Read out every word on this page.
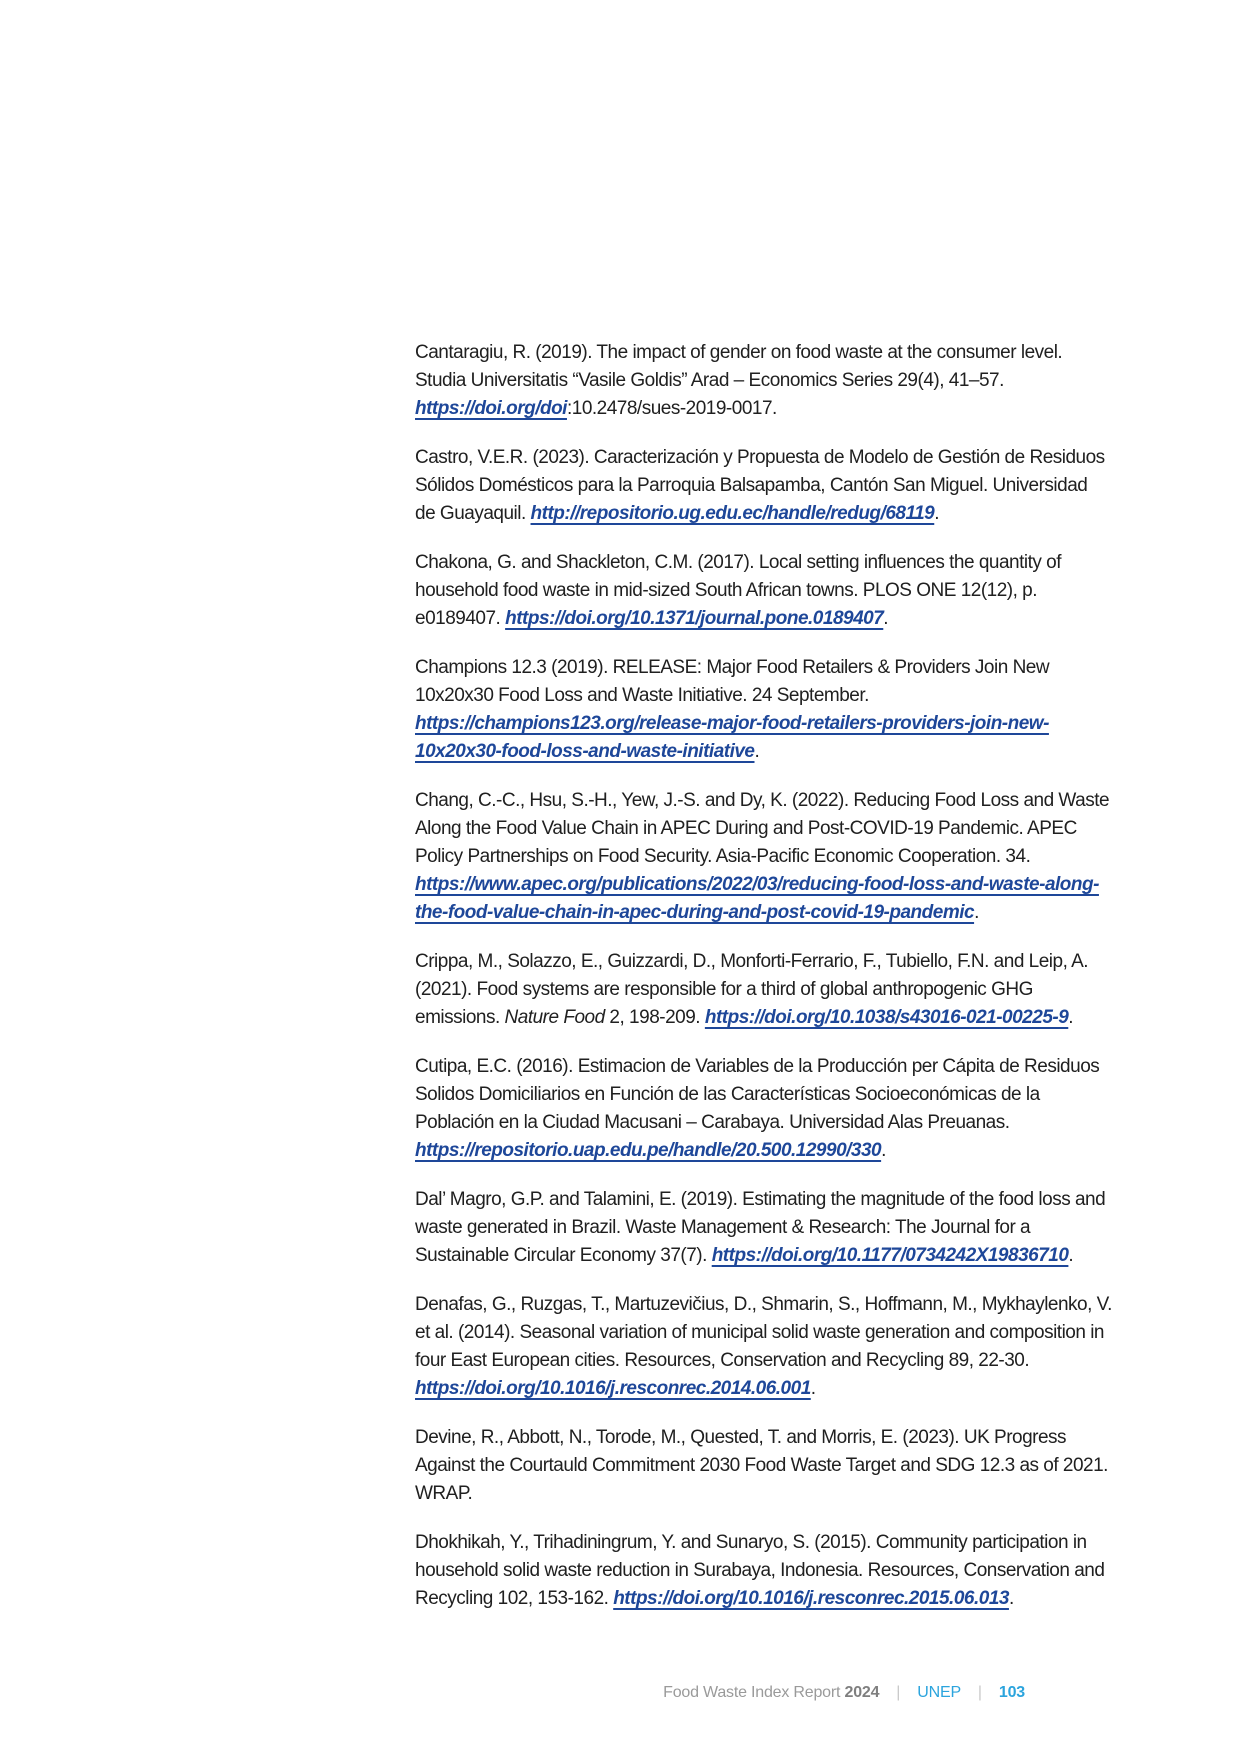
Cantaragiu, R. (2019). The impact of gender on food waste at the consumer level. Studia Universitatis “Vasile Goldis” Arad – Economics Series 29(4), 41–57. https://doi.org/doi:10.2478/sues-2019-0017.

Castro, V.E.R. (2023). Caracterización y Propuesta de Modelo de Gestión de Residuos Sólidos Domésticos para la Parroquia Balsapamba, Cantón San Miguel. Universidad de Guayaquil. http://repositorio.ug.edu.ec/handle/redug/68119.

Chakona, G. and Shackleton, C.M. (2017). Local setting influences the quantity of household food waste in mid-sized South African towns. PLOS ONE 12(12), p. e0189407. https://doi.org/10.1371/journal.pone.0189407.

Champions 12.3 (2019). RELEASE: Major Food Retailers & Providers Join New 10x20x30 Food Loss and Waste Initiative. 24 September. https://champions123.org/release-major-food-retailers-providers-join-new-10x20x30-food-loss-and-waste-initiative.

Chang, C.-C., Hsu, S.-H., Yew, J.-S. and Dy, K. (2022). Reducing Food Loss and Waste Along the Food Value Chain in APEC During and Post-COVID-19 Pandemic. APEC Policy Partnerships on Food Security. Asia-Pacific Economic Cooperation. 34. https://www.apec.org/publications/2022/03/reducing-food-loss-and-waste-along-the-food-value-chain-in-apec-during-and-post-covid-19-pandemic.

Crippa, M., Solazzo, E., Guizzardi, D., Monforti-Ferrario, F., Tubiello, F.N. and Leip, A. (2021). Food systems are responsible for a third of global anthropogenic GHG emissions. Nature Food 2, 198-209. https://doi.org/10.1038/s43016-021-00225-9.

Cutipa, E.C. (2016). Estimacion de Variables de la Producción per Cápita de Residuos Solidos Domiciliarios en Función de las Características Socioeconómicas de la Población en la Ciudad Macusani – Carabaya. Universidad Alas Preuanas. https://repositorio.uap.edu.pe/handle/20.500.12990/330.

Dal’ Magro, G.P. and Talamini, E. (2019). Estimating the magnitude of the food loss and waste generated in Brazil. Waste Management & Research: The Journal for a Sustainable Circular Economy 37(7). https://doi.org/10.1177/0734242X19836710.

Denafas, G., Ruzgas, T., Martuzevičius, D., Shmarin, S., Hoffmann, M., Mykhaylenko, V. et al. (2014). Seasonal variation of municipal solid waste generation and composition in four East European cities. Resources, Conservation and Recycling 89, 22-30. https://doi.org/10.1016/j.resconrec.2014.06.001.

Devine, R., Abbott, N., Torode, M., Quested, T. and Morris, E. (2023). UK Progress Against the Courtauld Commitment 2030 Food Waste Target and SDG 12.3 as of 2021. WRAP.

Dhokhikah, Y., Trihadiningrum, Y. and Sunaryo, S. (2015). Community participation in household solid waste reduction in Surabaya, Indonesia. Resources, Conservation and Recycling 102, 153-162. https://doi.org/10.1016/j.resconrec.2015.06.013.

Food Waste Index Report 2024 | UNEP | 103
